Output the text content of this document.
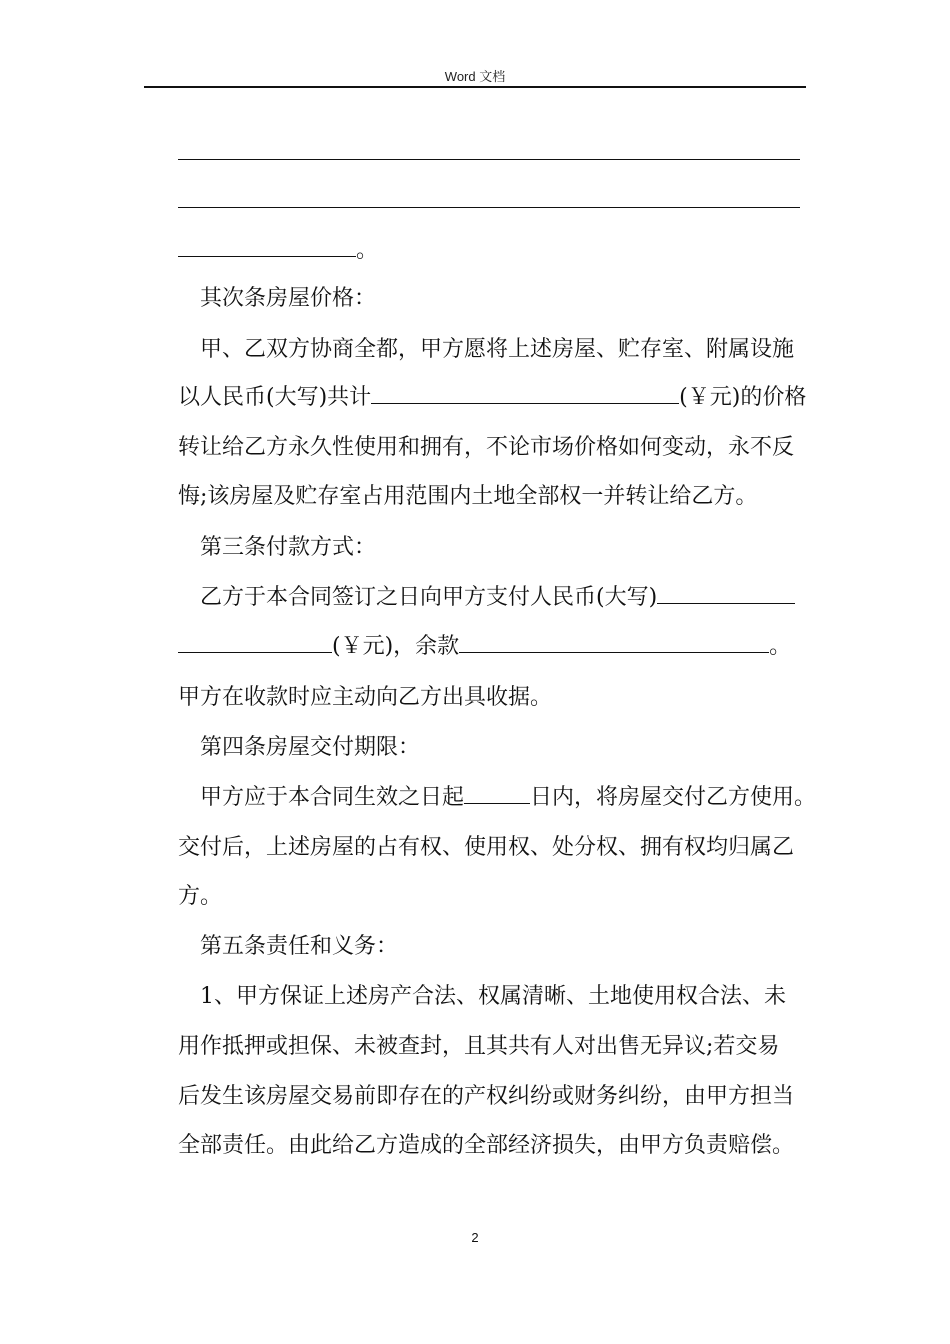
Word 文档
。
其次条房屋价格：
甲、乙双方协商全都，甲方愿将上述房屋、贮存室、附属设施
以人民币(大写)共计	(￥元)的价格
转让给乙方永久性使用和拥有，不论市场价格如何变动，永不反
悔;该房屋及贮存室占用范围内土地全部权一并转让给乙方。
第三条付款方式：
乙方于本合同签订之日向甲方支付人民币(大写)
(￥元)，余款	。
甲方在收款时应主动向乙方出具收据。
第四条房屋交付期限：
甲方应于本合同生效之日起	日内，将房屋交付乙方使用。
交付后，上述房屋的占有权、使用权、处分权、拥有权均归属乙
方。
第五条责任和义务：
1、甲方保证上述房产合法、权属清晰、土地使用权合法、未
用作抵押或担保、未被查封，且其共有人对出售无异议;若交易
后发生该房屋交易前即存在的产权纠纷或财务纠纷，由甲方担当
全部责任。由此给乙方造成的全部经济损失，由甲方负责赔偿。
2
